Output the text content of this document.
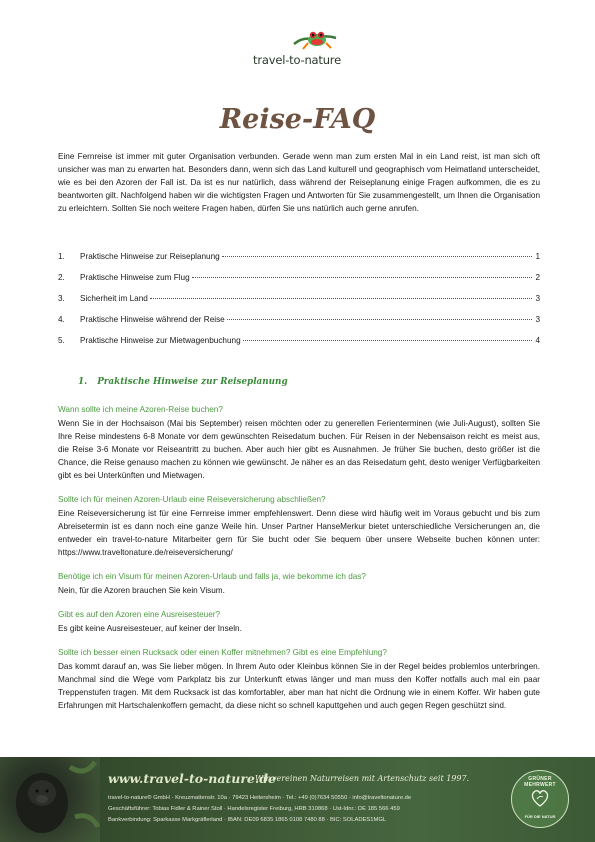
travel-to-nature
Reise-FAQ

Eine Fernreise ist immer mit guter Organisation verbunden. Gerade wenn man zum ersten Mal in ein Land reist, ist man sich oft unsicher was man zu erwarten hat. Besonders dann, wenn sich das Land kulturell und geographisch vom Heimatland unterscheidet, wie es bei den Azoren der Fall ist. Da ist es nur natürlich, dass während der Reiseplanung einige Fragen aufkommen, die es zu beantworten gilt. Nachfolgend haben wir die wichtigsten Fragen und Antworten für Sie zusammengestellt, um Ihnen die Organisation zu erleichtern. Sollten Sie noch weitere Fragen haben, dürfen Sie uns natürlich auch gerne anrufen.

1.	Praktische Hinweise zur Reiseplanung	1
2.	Praktische Hinweise zum Flug	2
3.	Sicherheit im Land	3
4.	Praktische Hinweise während der Reise	3
5.	Praktische Hinweise zur Mietwagenbuchung	4
1. Praktische Hinweise zur Reiseplanung

Wann sollte ich meine Azoren-Reise buchen?

Wenn Sie in der Hochsaison (Mai bis September) reisen möchten oder zu generellen Ferienterminen (wie Juli-August), sollten Sie Ihre Reise mindestens 6-8 Monate vor dem gewünschten Reisedatum buchen. Für Reisen in der Nebensaison reicht es meist aus, die Reise 3-6 Monate vor Reiseantritt zu buchen. Aber auch hier gibt es Ausnahmen. Je früher Sie buchen, desto größer ist die Chance, die Reise genauso machen zu können wie gewünscht. Je näher es an das Reisedatum geht, desto weniger Verfügbarkeiten gibt es bei Unterkünften und Mietwagen.

Sollte ich für meinen Azoren-Urlaub eine Reiseversicherung abschließen?

Eine Reiseversicherung ist für eine Fernreise immer empfehlenswert. Denn diese wird häufig weit im Voraus gebucht und bis zum Abreisetermin ist es dann noch eine ganze Weile hin. Unser Partner HanseMerkur bietet unterschiedliche Versicherungen an, die entweder ein travel-to-nature Mitarbeiter gern für Sie bucht oder Sie bequem über unsere Webseite buchen können unter: https://www.traveltonature.de/reiseversicherung/

Benötige ich ein Visum für meinen Azoren-Urlaub und falls ja, wie bekomme ich das?

Nein, für die Azoren brauchen Sie kein Visum.

Gibt es auf den Azoren eine Ausreisesteuer?

Es gibt keine Ausreisesteuer, auf keiner der Inseln.

Sollte ich besser einen Rucksack oder einen Koffer mitnehmen? Gibt es eine Empfehlung?

Das kommt darauf an, was Sie lieber mögen. In Ihrem Auto oder Kleinbus können Sie in der Regel beides problemlos unterbringen. Manchmal sind die Wege vom Parkplatz bis zur Unterkunft etwas länger und man muss den Koffer notfalls auch mal ein paar Treppenstufen tragen. Mit dem Rucksack ist das komfortabler, aber man hat nicht die Ordnung wie in einem Koffer. Wir haben gute Erfahrungen mit Hartschalenkoffern gemacht, da diese nicht so schnell kaputtgehen und auch gegen Regen geschützt sind.

www.travel-to-nature.de
Wir vereinen Naturreisen mit Artenschutz seit 1997.
travel-to-nature® GmbH · Kreuzmattenstr. 10a · 79423 Heitersheim · Tel.: +49 (0)7634 50550 · info@traveltonature.de
Geschäftsführer: Tobias Fidler & Rainer Stoll · Handelsregister Freiburg, HRB 310868 · Ust-Idnr.: DE 185 566 459
Bankverbindung: Sparkasse Markgräflerland · IBAN: DE09 6835 1865 0108 7480 88 · BIC: SOLADES1MGL
GRÜNER MEHRWERT
FÜR DIE NATUR
